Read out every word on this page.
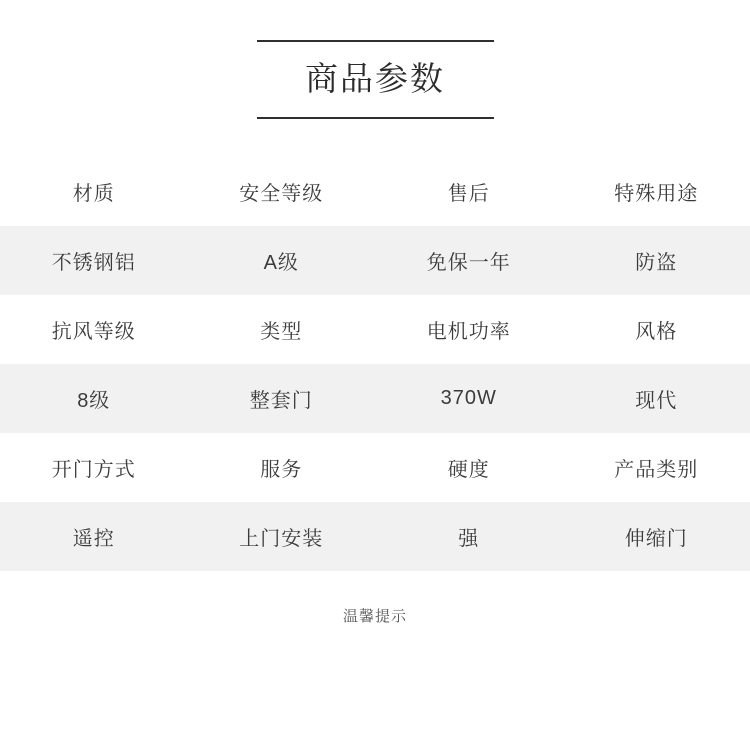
商品参数
材质	安全等级	售后	特殊用途
不锈钢铝	A级	免保一年	防盗
抗风等级	类型	电机功率	风格
8级	整套门	370W	现代
开门方式	服务	硬度	产品类别
遥控	上门安装	强	伸缩门
温馨提示
